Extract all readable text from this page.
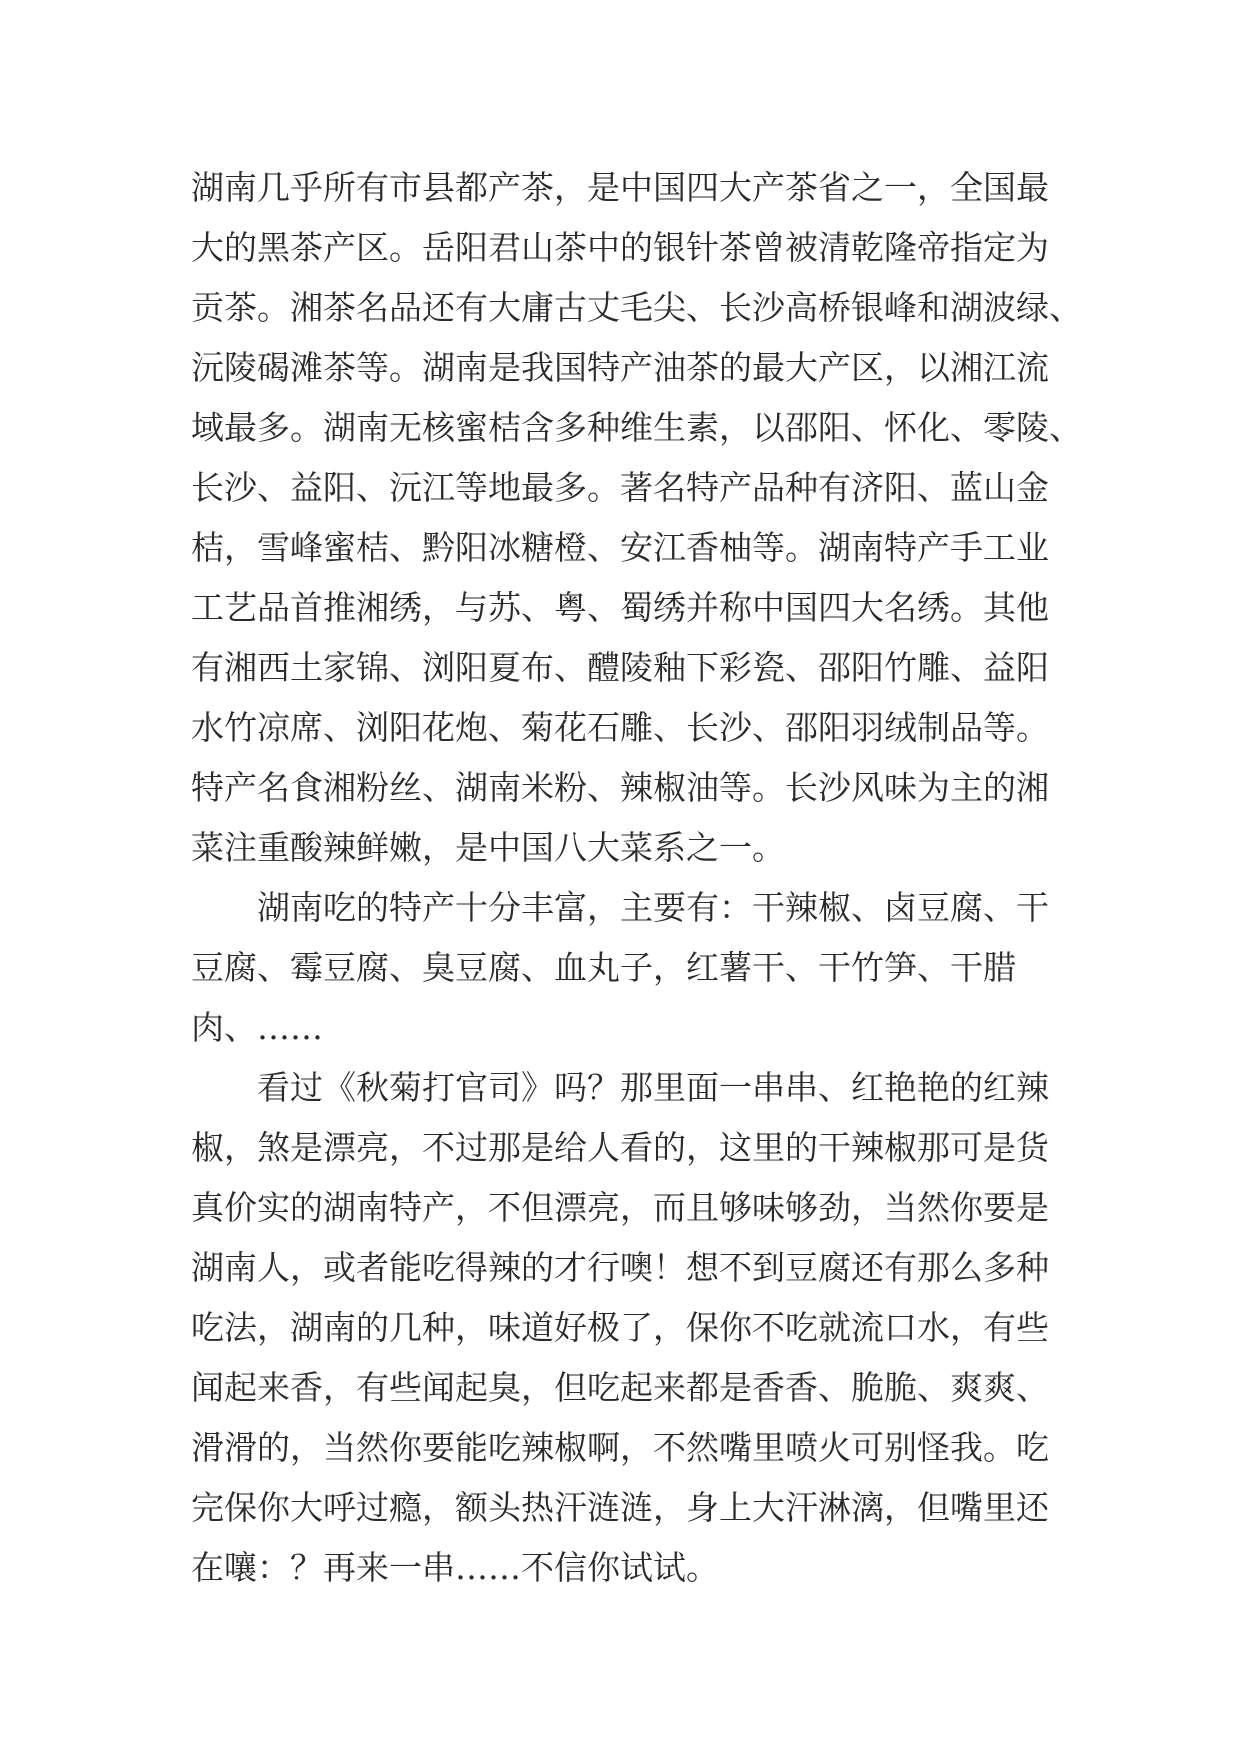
湖南几乎所有市县都产茶，是中国四大产茶省之一，全国最
大的黑茶产区。岳阳君山茶中的银针茶曾被清乾隆帝指定为
贡茶。湘茶名品还有大庸古丈毛尖、长沙高桥银峰和湖波绿、
沅陵碣滩茶等。湖南是我国特产油茶的最大产区，以湘江流
域最多。湖南无核蜜桔含多种维生素，以邵阳、怀化、零陵、
长沙、益阳、沅江等地最多。著名特产品种有济阳、蓝山金
桔，雪峰蜜桔、黔阳冰糖橙、安江香柚等。湖南特产手工业
工艺品首推湘绣，与苏、粤、蜀绣并称中国四大名绣。其他
有湘西土家锦、浏阳夏布、醴陵釉下彩瓷、邵阳竹雕、益阳
水竹凉席、浏阳花炮、菊花石雕、长沙、邵阳羽绒制品等。
特产名食湘粉丝、湖南米粉、辣椒油等。长沙风味为主的湘
菜注重酸辣鲜嫩，是中国八大菜系之一。
湖南吃的特产十分丰富，主要有：干辣椒、卤豆腐、干
豆腐、霉豆腐、臭豆腐、血丸子，红薯干、干竹笋、干腊
肉、……
看过《秋菊打官司》吗？那里面一串串、红艳艳的红辣
椒，煞是漂亮，不过那是给人看的，这里的干辣椒那可是货
真价实的湖南特产，不但漂亮，而且够味够劲，当然你要是
湖南人，或者能吃得辣的才行噢！想不到豆腐还有那么多种
吃法，湖南的几种，味道好极了，保你不吃就流口水，有些
闻起来香，有些闻起臭，但吃起来都是香香、脆脆、爽爽、
滑滑的，当然你要能吃辣椒啊，不然嘴里喷火可别怪我。吃
完保你大呼过瘾，额头热汗涟涟，身上大汗淋漓，但嘴里还
在嚷：？再来一串……不信你试试。
